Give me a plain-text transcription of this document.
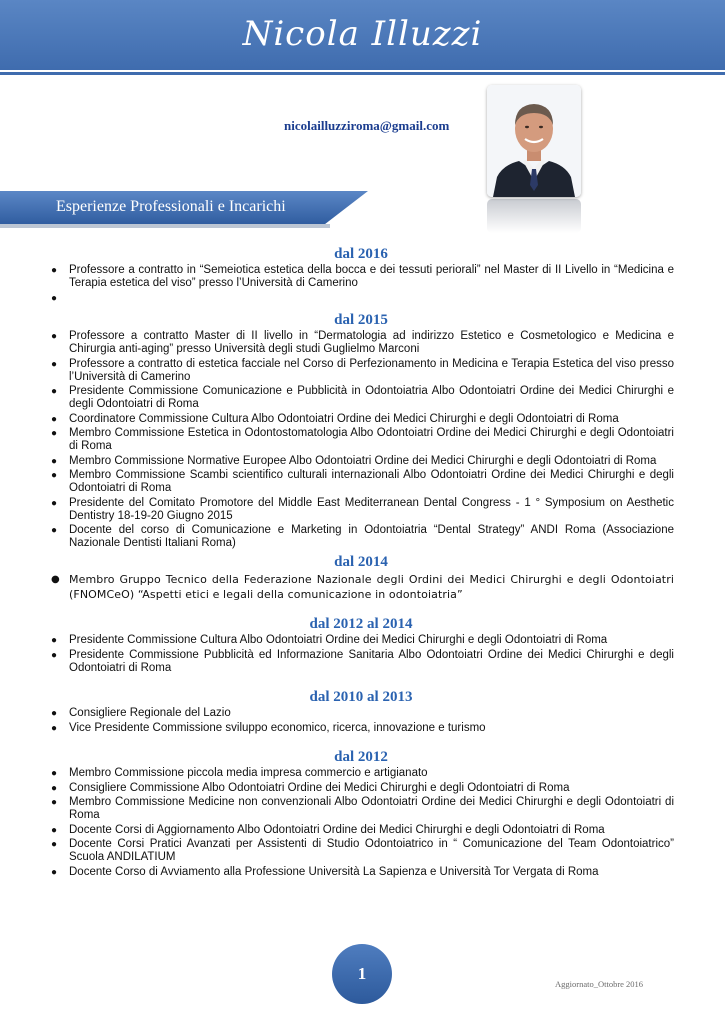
Nicola Illuzzi
nicolailluzziroma@gmail.com
Esperienze Professionali e Incarichi
dal 2016
● Professore a contratto in “Semeiotica estetica della bocca e dei tessuti periorali” nel Master di II Livello in “Medicina e Terapia estetica del viso” presso l’Università di Camerino
●
dal 2015
● Professore a contratto Master di II livello in “Dermatologia ad indirizzo Estetico e Cosmetologico e Medicina e Chirurgia anti-aging” presso Università degli studi Guglielmo Marconi
● Professore a contratto di estetica facciale nel Corso di Perfezionamento in Medicina e Terapia Estetica del viso presso l’Università di Camerino
● Presidente Commissione Comunicazione e Pubblicità in Odontoiatria Albo Odontoiatri Ordine dei Medici Chirurghi e degli Odontoiatri di Roma
● Coordinatore Commissione Cultura Albo Odontoiatri Ordine dei Medici Chirurghi e degli Odontoiatri di Roma
● Membro Commissione Estetica in Odontostomatologia Albo Odontoiatri Ordine dei Medici Chirurghi e degli Odontoiatri di Roma
● Membro Commissione Normative Europee Albo Odontoiatri Ordine dei Medici Chirurghi e degli Odontoiatri di Roma
● Membro Commissione Scambi scientifico culturali internazionali Albo Odontoiatri Ordine dei Medici Chirurghi e degli Odontoiatri di Roma
● Presidente del Comitato Promotore del Middle East Mediterranean Dental Congress - 1 ° Symposium on Aesthetic Dentistry 18-19-20 Giugno 2015
● Docente del corso di Comunicazione e Marketing in Odontoiatria “Dental Strategy” ANDI Roma (Associazione Nazionale Dentisti Italiani Roma)
dal 2014
● Membro Gruppo Tecnico della Federazione Nazionale degli Ordini dei Medici Chirurghi e degli Odontoiatri (FNOMCeO) “Aspetti etici e legali della comunicazione in odontoiatria”
dal 2012 al 2014
● Presidente Commissione Cultura Albo Odontoiatri Ordine dei Medici Chirurghi e degli Odontoiatri di Roma
● Presidente Commissione Pubblicità ed Informazione Sanitaria Albo Odontoiatri Ordine dei Medici Chirurghi e degli Odontoiatri di Roma
dal 2010 al 2013
● Consigliere Regionale del Lazio
● Vice Presidente Commissione sviluppo economico, ricerca, innovazione e turismo
dal 2012
● Membro Commissione piccola media impresa commercio e artigianato
● Consigliere Commissione Albo Odontoiatri Ordine dei Medici Chirurghi e degli Odontoiatri di Roma
● Membro Commissione Medicine non convenzionali Albo Odontoiatri Ordine dei Medici Chirurghi e degli Odontoiatri di Roma
● Docente Corsi di Aggiornamento Albo Odontoiatri Ordine dei Medici Chirurghi e degli Odontoiatri di Roma
● Docente Corsi Pratici Avanzati per Assistenti di Studio Odontoiatrico in “ Comunicazione del Team Odontoiatrico” Scuola ANDILATIUM
● Docente Corso di Avviamento alla Professione Università La Sapienza e Università Tor Vergata di Roma
1
Aggiornato_Ottobre 2016
